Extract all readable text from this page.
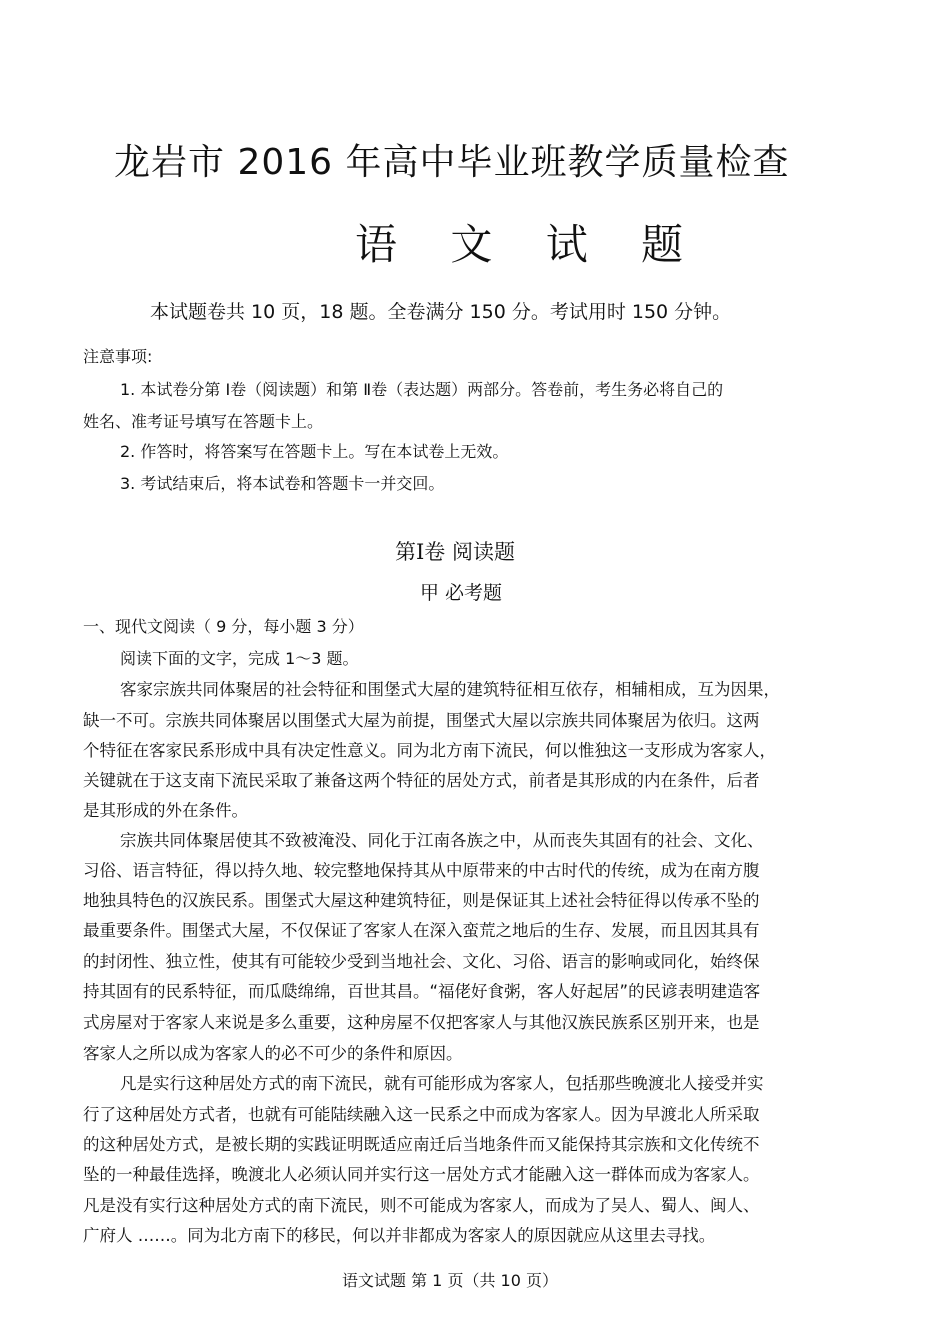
龙岩市 2016 年高中毕业班教学质量检查
语 文 试 题
本试题卷共 10 页，18 题。全卷满分 150 分。考试用时 150 分钟。
注意事项:
1. 本试卷分第 Ⅰ卷（阅读题）和第 Ⅱ卷（表达题）两部分。答卷前，考生务必将自己的
姓名、准考证号填写在答题卡上。
2. 作答时，将答案写在答题卡上。写在本试卷上无效。
3. 考试结束后，将本试卷和答题卡一并交回。
第Ⅰ卷 阅读题
甲 必考题
一、现代文阅读（ 9 分，每小题 3 分）
阅读下面的文字，完成 1～3 题。
客家宗族共同体聚居的社会特征和围堡式大屋的建筑特征相互依存，相辅相成，互为因果，
缺一不可。宗族共同体聚居以围堡式大屋为前提，围堡式大屋以宗族共同体聚居为依归。这两
个特征在客家民系形成中具有决定性意义。同为北方南下流民，何以惟独这一支形成为客家人，
关键就在于这支南下流民采取了兼备这两个特征的居处方式，前者是其形成的内在条件，后者
是其形成的外在条件。
宗族共同体聚居使其不致被淹没、同化于江南各族之中，从而丧失其固有的社会、文化、
习俗、语言特征，得以持久地、较完整地保持其从中原带来的中古时代的传统，成为在南方腹
地独具特色的汉族民系。围堡式大屋这种建筑特征，则是保证其上述社会特征得以传承不坠的
最重要条件。围堡式大屋，不仅保证了客家人在深入蛮荒之地后的生存、发展，而且因其具有
的封闭性、独立性，使其有可能较少受到当地社会、文化、习俗、语言的影响或同化，始终保
持其固有的民系特征，而瓜瓞绵绵，百世其昌。“福佬好食粥，客人好起居”的民谚表明建造客
式房屋对于客家人来说是多么重要，这种房屋不仅把客家人与其他汉族民族系区别开来，也是
客家人之所以成为客家人的必不可少的条件和原因。
凡是实行这种居处方式的南下流民，就有可能形成为客家人，包括那些晚渡北人接受并实
行了这种居处方式者，也就有可能陆续融入这一民系之中而成为客家人。因为早渡北人所采取
的这种居处方式，是被长期的实践证明既适应南迁后当地条件而又能保持其宗族和文化传统不
坠的一种最佳选择，晚渡北人必须认同并实行这一居处方式才能融入这一群体而成为客家人。
凡是没有实行这种居处方式的南下流民，则不可能成为客家人，而成为了吴人、蜀人、闽人、
广府人 ……。同为北方南下的移民，何以并非都成为客家人的原因就应从这里去寻找。
语文试题 第 1 页（共 10 页）
